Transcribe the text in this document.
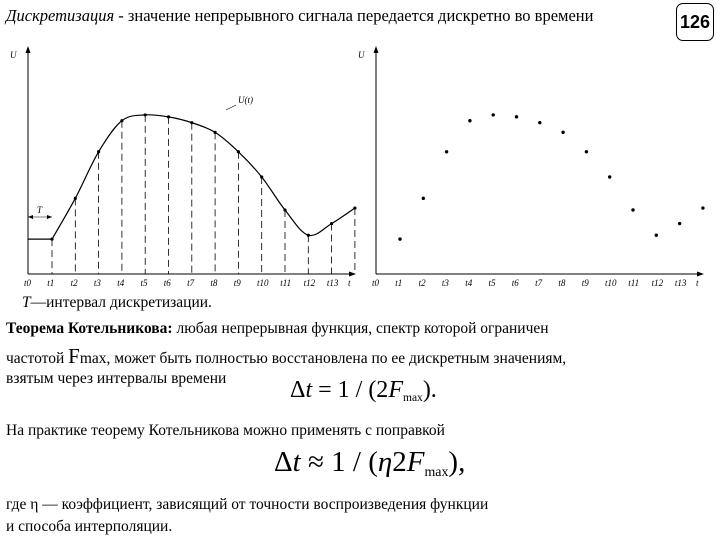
Дискретизация - значение непрерывного сигнала передается дискретно во времени	126
U
t
U(t)
T
t0 t1 t2 t3 t4 t5 t6 t7 t8 t9 t10 t11 t12 t13
U
t
t0 t1 t2 t3 t4 t5 t6 t7 t8 t9 t10 t11 t12 t13
T—интервал дискретизации.
Теорема Котельникова: любая непрерывная функция, спектр которой ограничен
частотой Fmax, может быть полностью восстановлена по ее дискретным значениям,
взятым через интервалы времени	$\Delta t = 1 / (2F_{max})$.
На практике теорему Котельникова можно применять с поправкой
$\Delta t \approx 1 / (\eta 2F_{max})$,
где η — коэффициент, зависящий от точности воспроизведения функции
и способа интерполяции.
